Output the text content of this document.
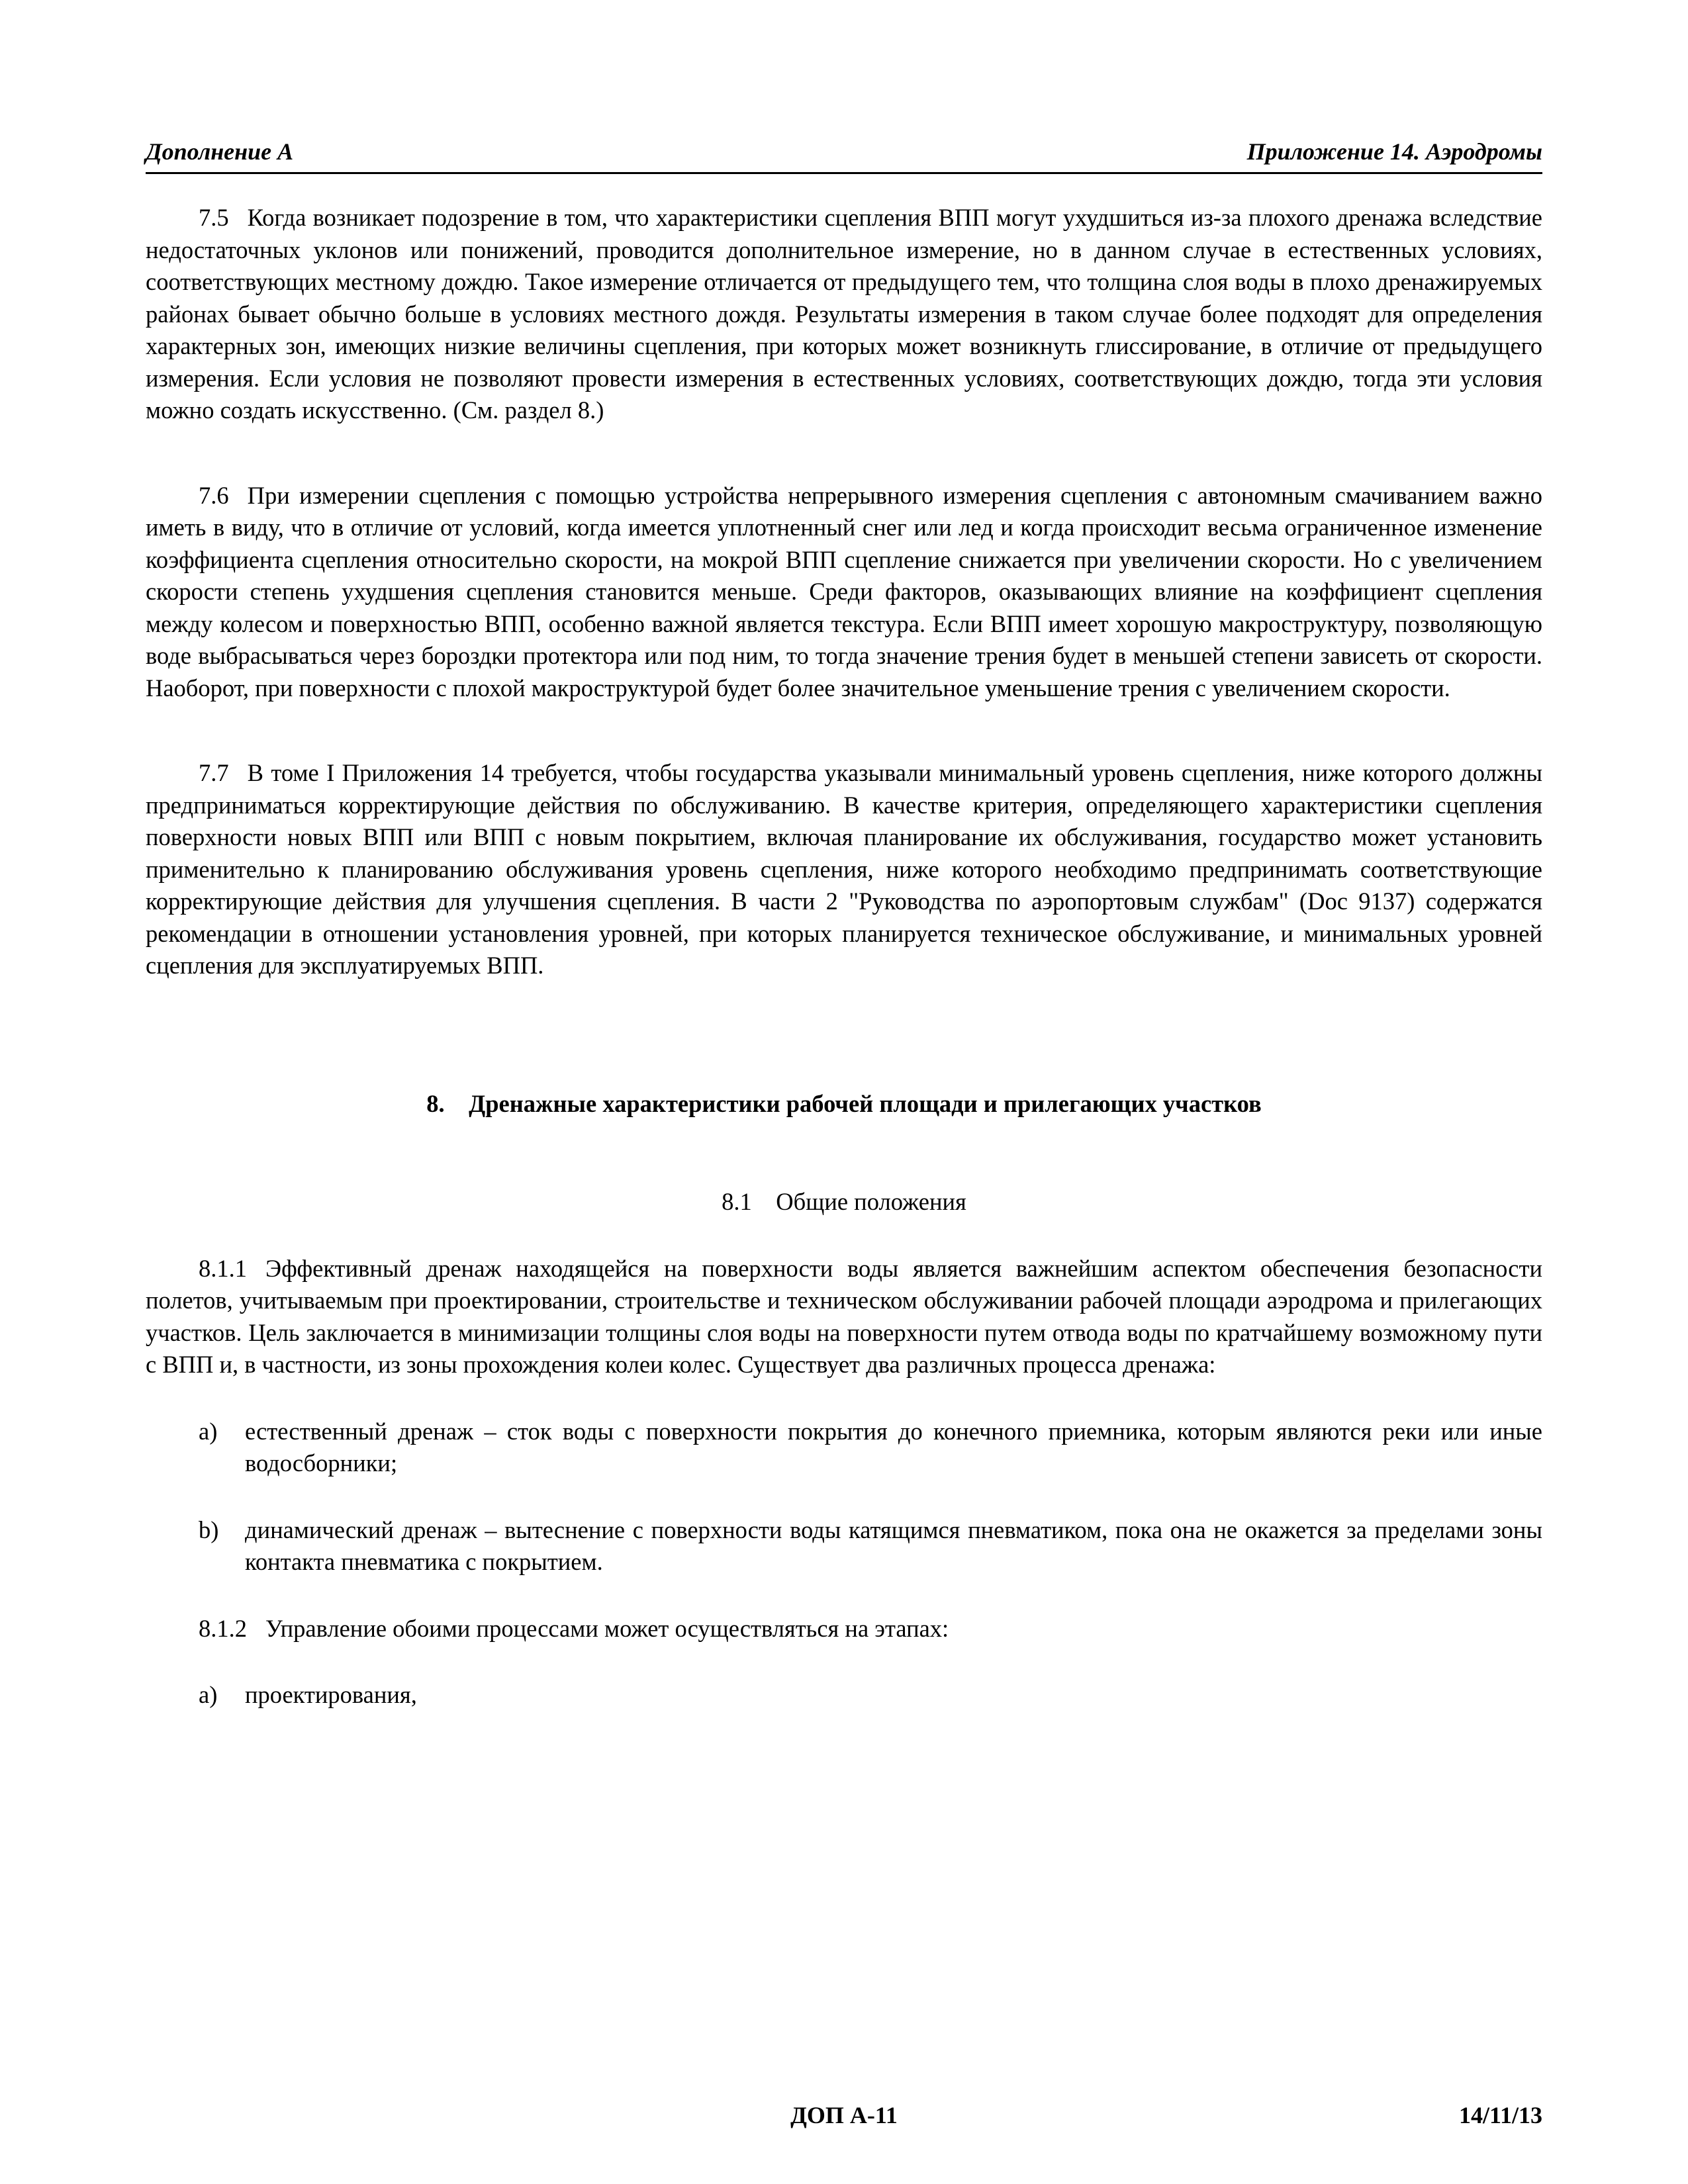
Дополнение А	Приложение 14. Аэродромы

7.5 Когда возникает подозрение в том, что характеристики сцепления ВПП могут ухудшиться из-за плохого дренажа вследствие недостаточных уклонов или понижений, проводится дополнительное измерение, но в данном случае в естественных условиях, соответствующих местному дождю. Такое измерение отличается от предыдущего тем, что толщина слоя воды в плохо дренажируемых районах бывает обычно больше в условиях местного дождя. Результаты измерения в таком случае более подходят для определения характерных зон, имеющих низкие величины сцепления, при которых может возникнуть глиссирование, в отличие от предыдущего измерения. Если условия не позволяют провести измерения в естественных условиях, соответствующих дождю, тогда эти условия можно создать искусственно. (См. раздел 8.)

7.6 При измерении сцепления с помощью устройства непрерывного измерения сцепления с автономным смачиванием важно иметь в виду, что в отличие от условий, когда имеется уплотненный снег или лед и когда происходит весьма ограниченное изменение коэффициента сцепления относительно скорости, на мокрой ВПП сцепление снижается при увеличении скорости. Но с увеличением скорости степень ухудшения сцепления становится меньше. Среди факторов, оказывающих влияние на коэффициент сцепления между колесом и поверхностью ВПП, особенно важной является текстура. Если ВПП имеет хорошую макроструктуру, позволяющую воде выбрасываться через бороздки протектора или под ним, то тогда значение трения будет в меньшей степени зависеть от скорости. Наоборот, при поверхности с плохой макроструктурой будет более значительное уменьшение трения с увеличением скорости.

7.7 В томе I Приложения 14 требуется, чтобы государства указывали минимальный уровень сцепления, ниже которого должны предприниматься корректирующие действия по обслуживанию. В качестве критерия, определяющего характеристики сцепления поверхности новых ВПП или ВПП с новым покрытием, включая планирование их обслуживания, государство может установить применительно к планированию обслуживания уровень сцепления, ниже которого необходимо предпринимать соответствующие корректирующие действия для улучшения сцепления. В части 2 "Руководства по аэропортовым службам" (Doc 9137) содержатся рекомендации в отношении установления уровней, при которых планируется техническое обслуживание, и минимальных уровней сцепления для эксплуатируемых ВПП.

8. Дренажные характеристики рабочей площади и прилегающих участков

8.1 Общие положения

8.1.1 Эффективный дренаж находящейся на поверхности воды является важнейшим аспектом обеспечения безопасности полетов, учитываемым при проектировании, строительстве и техническом обслуживании рабочей площади аэродрома и прилегающих участков. Цель заключается в минимизации толщины слоя воды на поверхности путем отвода воды по кратчайшему возможному пути с ВПП и, в частности, из зоны прохождения колеи колес. Существует два различных процесса дренажа:

a) естественный дренаж – сток воды с поверхности покрытия до конечного приемника, которым являются реки или иные водосборники;

b) динамический дренаж – вытеснение с поверхности воды катящимся пневматиком, пока она не окажется за пределами зоны контакта пневматика с покрытием.

8.1.2 Управление обоими процессами может осуществляться на этапах:

a) проектирования,

ДОП А-11	14/11/13
